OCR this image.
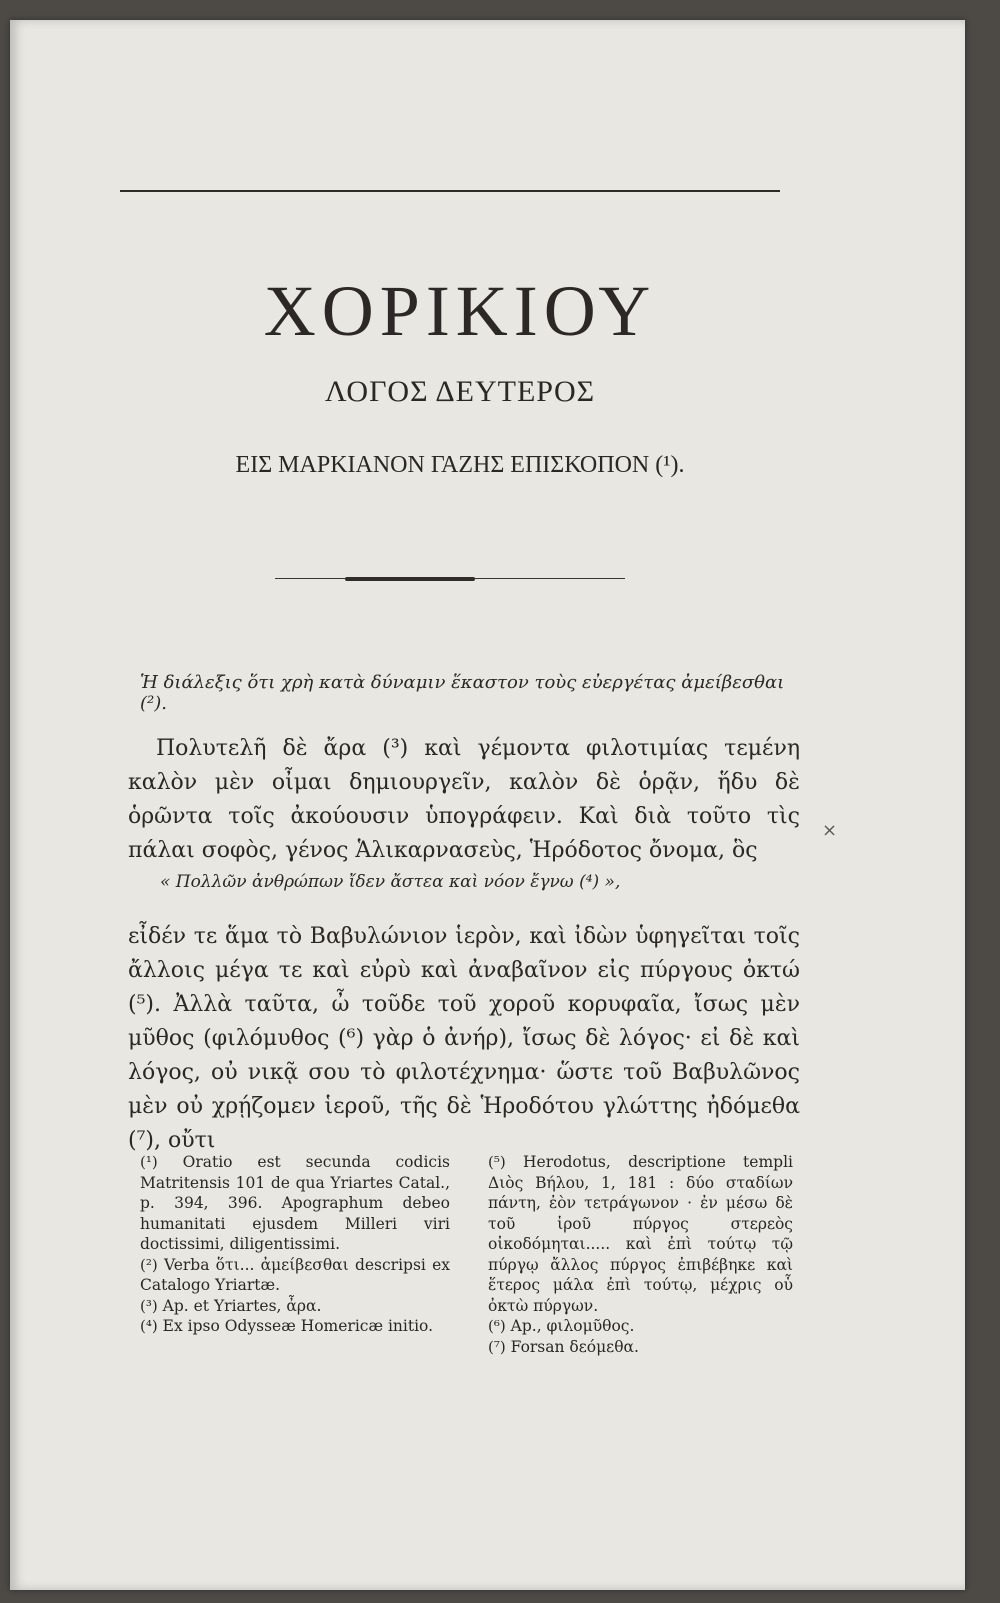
ΧΟΡΙΚΙΟΥ
ΛΟΓΟΣ ΔΕΥΤΕΡΟΣ
ΕΙΣ ΜΑΡΚΙΑΝΟΝ ΓΑΖΗΣ ΕΠΙΣΚΟΠΟΝ (¹).
Ἡ διάλεξις ὅτι χρὴ κατὰ δύναμιν ἕκαστον τοὺς εὐεργέτας ἀμείβεσθαι (²).

Πολυτελῆ δὲ ἄρα (³) καὶ γέμοντα φιλοτιμίας τεμένη καλὸν μὲν οἶμαι δημιουργεῖν, καλὸν δὲ ὁρᾷν, ἥδυ δὲ ὁρῶντα τοῖς ἀκούουσιν ὑπογράφειν. Καὶ διὰ τοῦτο τὶς πάλαι σοφὸς, γένος Ἁλικαρνασεὺς, Ἡρόδοτος ὄνομα, ὃς

×
« Πολλῶν ἀνθρώπων ἴδεν ἄστεα καὶ νόον ἔγνω (⁴) »,

εἶδέν τε ἅμα τὸ Βαβυλώνιον ἱερὸν, καὶ ἰδὼν ὑφηγεῖται τοῖς ἄλλοις μέγα τε καὶ εὐρὺ καὶ ἀναβαῖνον εἰς πύργους ὀκτώ (⁵). Ἀλλὰ ταῦτα, ὦ τοῦδε τοῦ χοροῦ κορυφαῖα, ἴσως μὲν μῦθος (φιλόμυθος (⁶) γὰρ ὁ ἀνήρ), ἴσως δὲ λόγος· εἰ δὲ καὶ λόγος, οὐ νικᾷ σου τὸ φιλοτέχνημα· ὥστε τοῦ Βαβυλῶνος μὲν οὐ χρῄζομεν ἱεροῦ, τῆς δὲ Ἡροδότου γλώττης ἠδόμεθα (⁷), οὔτι

(¹) Oratio est secunda codicis Matritensis 101 de qua Yriartes Catal., p. 394, 396. Apographum debeo humanitati ejusdem Milleri viri doctissimi, diligentissimi.

(²) Verba ὅτι... ἀμείβεσθαι descripsi ex Catalogo Yriartæ.

(³) Ap. et Yriartes, ἆρα.

(⁴) Ex ipso Odysseæ Homericæ initio.

(⁵) Herodotus, descriptione templi Διὸς Βήλου, 1, 181 : δύο σταδίων πάντη, ἐὸν τετράγωνον · ἐν μέσω δὲ τοῦ ἱροῦ πύργος στερεὸς οἰκοδόμηται..... καὶ ἐπὶ τούτῳ τῷ πύργῳ ἄλλος πύργος ἐπιβέβηκε καὶ ἕτερος μάλα ἐπὶ τούτῳ, μέχρις οὗ ὀκτὼ πύργων.

(⁶) Ap., φιλομῦθος.

(⁷) Forsan δεόμεθα.
